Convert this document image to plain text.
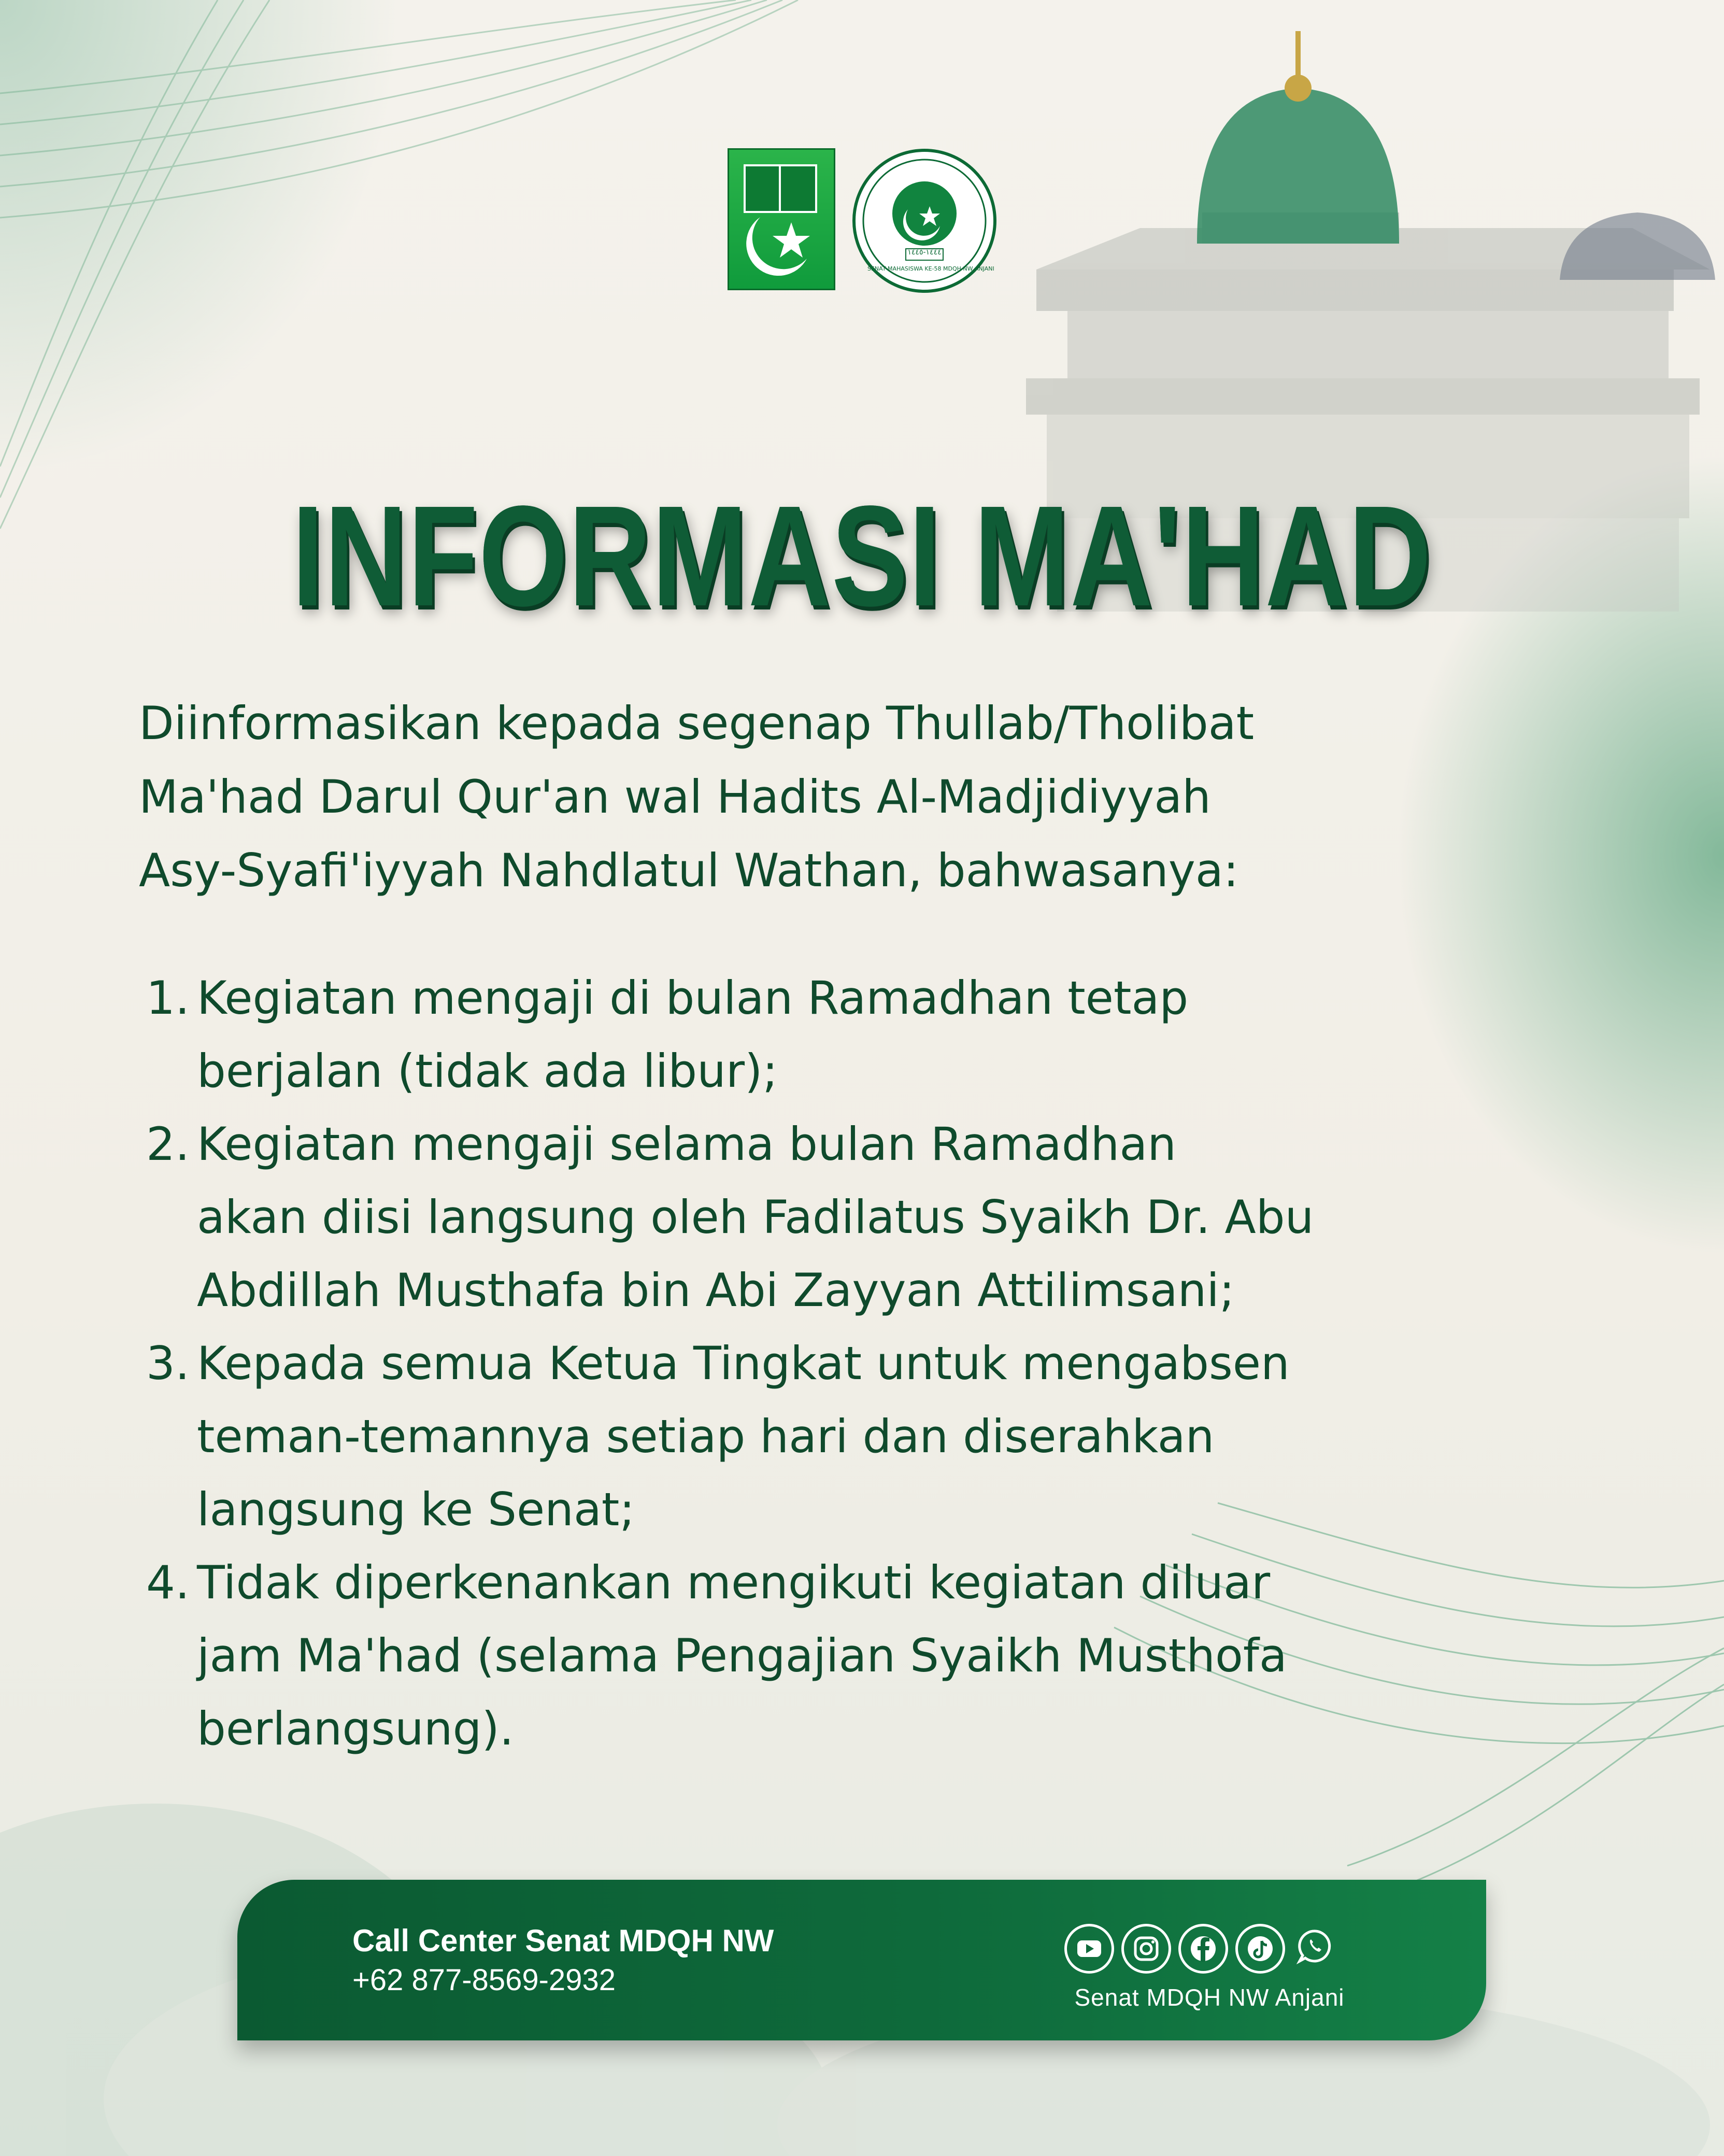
١٤٤٤-١٤٤٥
SENAT MAHASISWA KE-58 MDQH NW ANJANI
INFORMASI MA'HAD
Diinformasikan kepada segenap Thullab/Tholibat
Ma'had Darul Qur'an wal Hadits Al-Madjidiyyah
Asy-Syafi'iyyah Nahdlatul Wathan, bahwasanya:
1. Kegiatan mengaji di bulan Ramadhan tetap
berjalan (tidak ada libur);
2. Kegiatan mengaji selama bulan Ramadhan
akan diisi langsung oleh Fadilatus Syaikh Dr. Abu
Abdillah Musthafa bin Abi Zayyan Attilimsani;
3. Kepada semua Ketua Tingkat untuk mengabsen
teman-temannya setiap hari dan diserahkan
langsung ke Senat;
4. Tidak diperkenankan mengikuti kegiatan diluar
jam Ma'had (selama Pengajian Syaikh Musthofa
berlangsung).
Call Center Senat MDQH NW
+62 877-8569-2932
Senat MDQH NW Anjani
